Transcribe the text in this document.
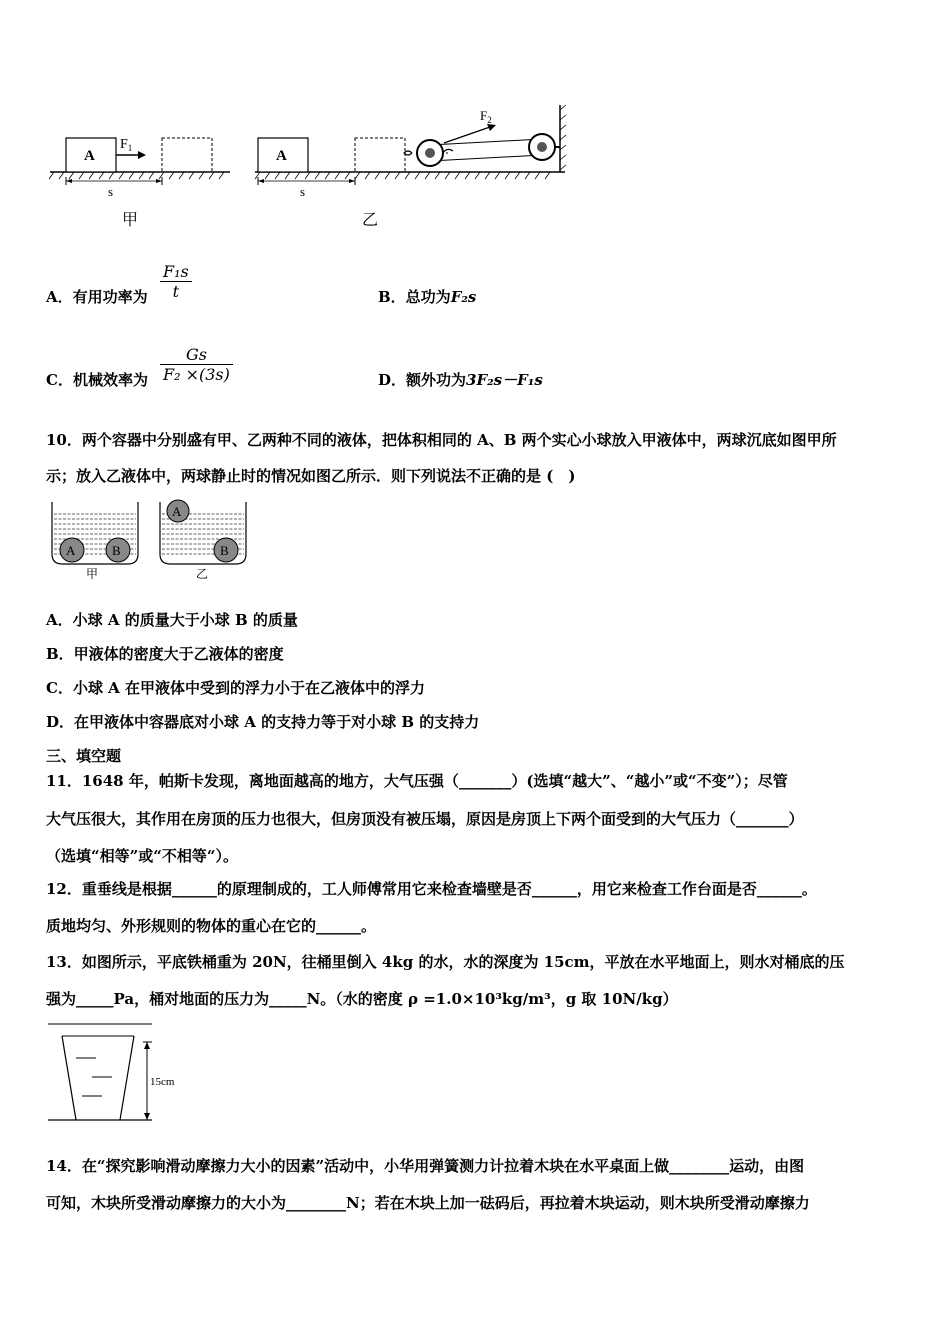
A
$F_1$
s
甲
A
$F_2$
s
乙
A．有用功率为 $\frac{\text{F₁s}}{t}$	B．总功为F₂s
C．机械效率为 $\frac{Gs}{\text{F₂ ×(3s)}}$	D．额外功为3F₂s－F₁s
10．两个容器中分别盛有甲、乙两种不同的液体，把体积相同的 A、B 两个实心小球放入甲液体中，两球沉底如图甲所
示；放入乙液体中，两球静止时的情况如图乙所示．则下列说法不正确的是 (　)
A	B
甲
A
B
乙
A．小球 A 的质量大于小球 B 的质量
B．甲液体的密度大于乙液体的密度
C．小球 A 在甲液体中受到的浮力小于在乙液体中的浮力
D．在甲液体中容器底对小球 A 的支持力等于对小球 B 的支持力
三、填空题
11．1648 年，帕斯卡发现，离地面越高的地方，大气压强（_______）(选填“越大”、“越小”或“不变”）；尽管
大气压很大，其作用在房顶的压力也很大，但房顶没有被压塌，原因是房顶上下两个面受到的大气压力（_______）
（选填“相等”或“不相等“）。
12．重垂线是根据______的原理制成的，工人师傅常用它来检查墙壁是否______，用它来检查工作台面是否______。
质地均匀、外形规则的物体的重心在它的______。
13．如图所示，平底铁桶重为 20N，往桶里倒入 4kg 的水，水的深度为 15cm，平放在水平地面上，则水对桶底的压
强为_____Pa，桶对地面的压力为_____N。（水的密度 ρ =1.0×10³kg/m³，g 取 10N/kg）
15cm
14．在“探究影响滑动摩擦力大小的因素”活动中，小华用弹簧测力计拉着木块在水平桌面上做________运动，由图
可知，木块所受滑动摩擦力的大小为________N；若在木块上加一砝码后，再拉着木块运动，则木块所受滑动摩擦力
